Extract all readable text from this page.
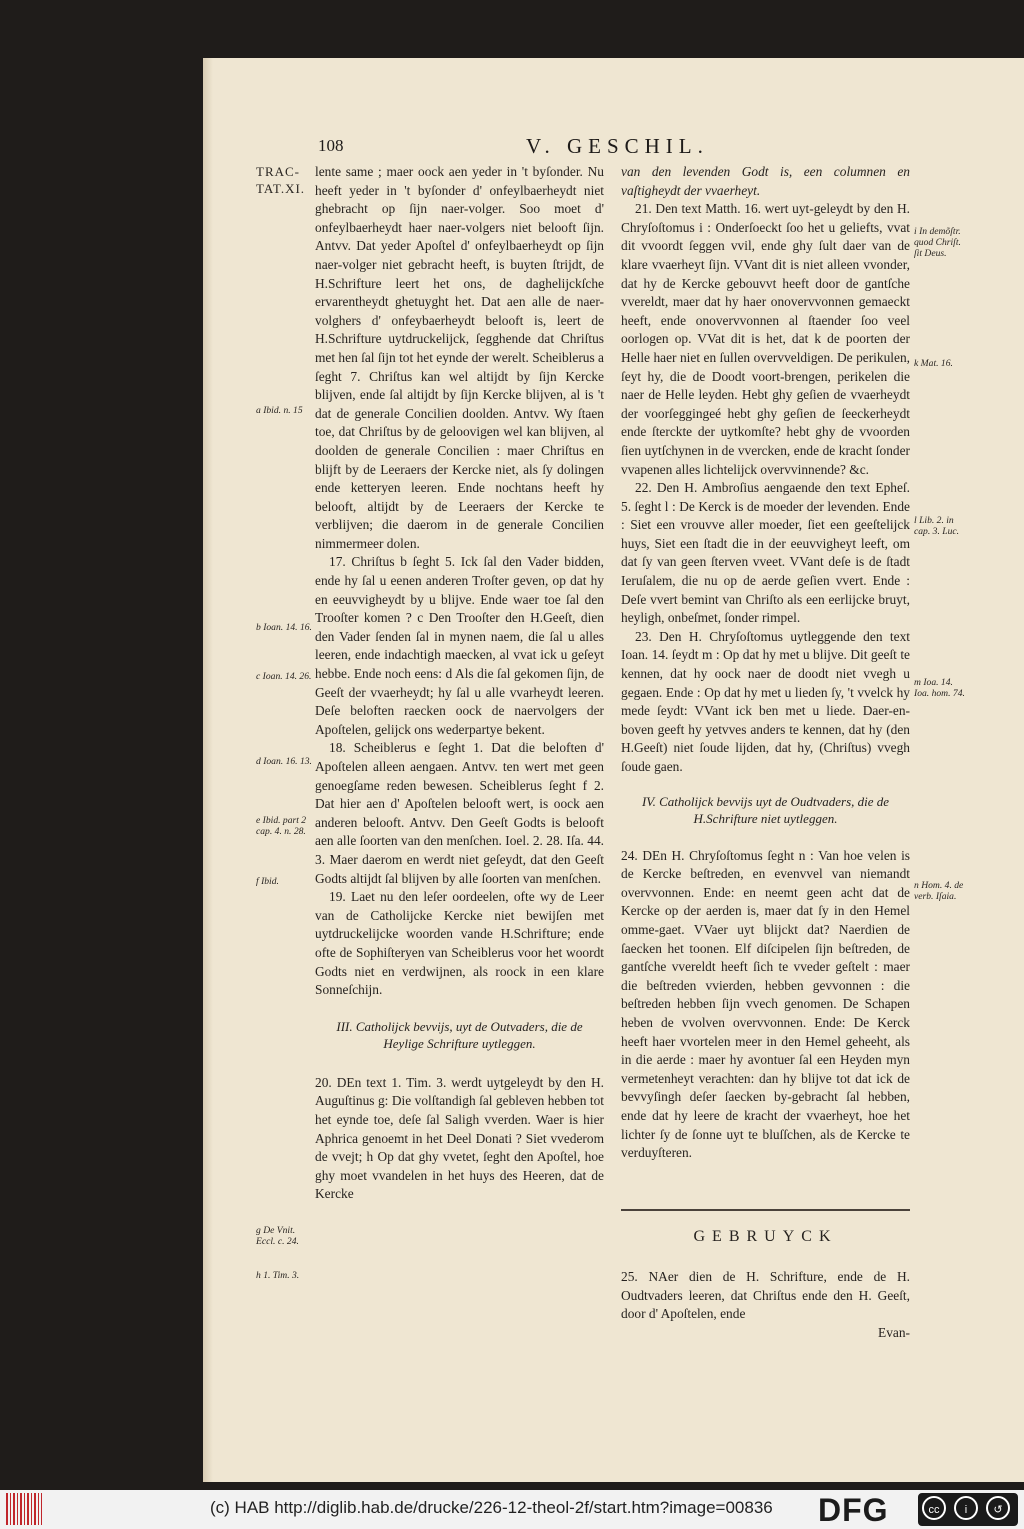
108	V. GESCHIL.
TRAC-
TAT.XI.

lente same ; maer oock aen yeder in 't byſonder. Nu heeft yeder in 't byſonder d' onfeylbaerheydt niet ghebracht op ſijn naer-volger. Soo moet d' onfeylbaerheydt haer naer-volgers niet belooft ſijn. Antvv. Dat yeder Apoſtel d' onfeylbaerheydt op ſijn naer-volger niet gebracht heeft, is buyten ſtrijdt, de H.Schrifture leert het ons, de daghelijckſche ervarentheydt ghetuyght het. Dat aen alle de naer-volghers d' onfeybaerheydt belooft is, leert de H.Schrifture uytdruckelijck, ſegghende dat Chriſtus met hen ſal ſijn tot het eynde der werelt. Scheiblerus a ſeght 7. Chriſtus kan wel altijdt by ſijn Kercke blijven, ende ſal altijdt by ſijn Kercke blijven, al is 't dat de generale Concilien doolden. Antvv. Wy ſtaen toe, dat Chriſtus by de geloovigen wel kan blijven, al doolden de generale Concilien : maer Chriſtus en blijft by de Leeraers der Kercke niet, als ſy dolingen ende ketteryen leeren. Ende nochtans heeft hy belooft, altijdt by de Leeraers der Kercke te verblijven; die daerom in de generale Concilien nimmermeer dolen.

17. Chriſtus b ſeght 5. Ick ſal den Vader bidden, ende hy ſal u eenen anderen Troſter geven, op dat hy en eeuvvigheydt by u blijve. Ende waer toe ſal den Trooſter komen ? c Den Trooſter den H.Geeſt, dien den Vader ſenden ſal in mynen naem, die ſal u alles leeren, ende indachtigh maecken, al vvat ick u geſeyt hebbe. Ende noch eens: d Als die ſal gekomen ſijn, de Geeſt der vvaerheydt; hy ſal u alle vvarheydt leeren. Deſe beloften raecken oock de naervolgers der Apoſtelen, gelijck ons wederpartye bekent.

18. Scheiblerus e ſeght 1. Dat die beloften d' Apoſtelen alleen aengaen. Antvv. ten wert met geen genoegſame reden bewesen. Scheiblerus ſeght f 2. Dat hier aen d' Apoſtelen belooft wert, is oock aen anderen belooft. Antvv. Den Geeſt Godts is belooft aen alle ſoorten van den menſchen. Ioel. 2. 28. Iſa. 44. 3. Maer daerom en werdt niet geſeydt, dat den Geeſt Godts altijdt ſal blijven by alle ſoorten van menſchen.

19. Laet nu den leſer oordeelen, ofte wy de Leer van de Catholijcke Kercke niet bewijſen met uytdruckelijcke woorden vande H.Schrifture; ende ofte de Sophiſteryen van Scheiblerus voor het woordt Godts niet en verdwijnen, als roock in een klare Sonneſchijn.

III. Catholijck bevvijs, uyt de Outvaders, die de Heylige Schrifture uytleggen.

20. DEn text 1. Tim. 3. werdt uytgeleydt by den H. Auguſtinus g: Die volſtandigh ſal gebleven hebben tot het eynde toe, deſe ſal Saligh vverden. Waer is hier Aphrica genoemt in het Deel Donati ? Siet vvederom de vvejt; h Op dat ghy vvetet, ſeght den Apoſtel, hoe ghy moet vvandelen in het huys des Heeren, dat de Kercke

van den levenden Godt is, een columnen en vaſtigheydt der vvaerheyt.

21. Den text Matth. 16. wert uyt-geleydt by den H. Chryſoſtomus i : Onderſoeckt ſoo het u geliefts, vvat dit vvoordt ſeggen vvil, ende ghy ſult daer van de klare vvaerheyt ſijn. VVant dit is niet alleen vvonder, dat hy de Kercke gebouvvt heeft door de gantſche vvereldt, maer dat hy haer onovervvonnen gemaeckt heeft, ende onovervvonnen al ſtaender ſoo veel oorlogen op. VVat dit is het, dat k de poorten der Helle haer niet en ſullen overvveldigen. De perikulen, ſeyt hy, die de Doodt voort-brengen, perikelen die naer de Helle leyden. Hebt ghy geſien de vvaerheydt der voorſeggingeé hebt ghy geſien de ſeeckerheydt ende ſterckte der uytkomſte? hebt ghy de vvoorden ſien uytſchynen in de vvercken, ende de kracht ſonder vvapenen alles lichtelijck overvvinnende? &c.

22. Den H. Ambroſius aengaende den text Epheſ. 5. ſeght l : De Kerck is de moeder der levenden. Ende : Siet een vrouvve aller moeder, ſiet een geeſtelijck huys, Siet een ſtadt die in der eeuvvigheyt leeft, om dat ſy van geen ſterven vveet. VVant deſe is de ſtadt Ieruſalem, die nu op de aerde geſien vvert. Ende : Deſe vvert bemint van Chriſto als een eerlijcke bruyt, heyligh, onbeſmet, ſonder rimpel.

23. Den H. Chryſoſtomus uytleggende den text Ioan. 14. ſeydt m : Op dat hy met u blijve. Dit geeſt te kennen, dat hy oock naer de doodt niet vvegh u gegaen. Ende : Op dat hy met u lieden ſy, 't vvelck hy mede ſeydt: VVant ick ben met u liede. Daer-en-boven geeft hy yetvves anders te kennen, dat hy (den H.Geeſt) niet ſoude lijden, dat hy, (Chriſtus) vvegh ſoude gaen.

IV. Catholijck bevvijs uyt de Oudtvaders, die de H.Schrifture niet uytleggen.

24. DEn H. Chryſoſtomus ſeght n : Van hoe velen is de Kercke beſtreden, en evenvvel van niemandt overvvonnen. Ende: en neemt geen acht dat de Kercke op der aerden is, maer dat ſy in den Hemel omme-gaet. VVaer uyt blijckt dat? Naerdien de ſaecken het toonen. Elf diſcipelen ſijn beſtreden, de gantſche vvereldt heeft ſich te vveder geſtelt : maer die beſtreden vvierden, hebben gevvonnen : die beſtreden hebben ſijn vvech genomen. De Schapen heben de vvolven overvvonnen. Ende: De Kerck heeft haer vvortelen meer in den Hemel geheeht, als in die aerde : maer hy avontuer ſal een Heyden myn vermetenheyt verachten: dan hy blijve tot dat ick de bevvyſingh deſer ſaecken by-gebracht ſal hebben, ende dat hy leere de kracht der vvaerheyt, hoe het lichter ſy de ſonne uyt te bluſſchen, als de Kercke te verduyſteren.

GEBRUYCK

25. NAer dien de H. Schrifture, ende de H. Oudtvaders leeren, dat Chriſtus ende den H. Geeſt, door d' Apoſtelen, ende

Evan-

a Ibid. n. 15
b Ioan. 14. 16.
c Ioan. 14. 26.
d Ioan. 16. 13.
e Ibid. part 2 cap. 4. n. 28.
f Ibid.
g De Vnit. Eccl. c. 24.
h 1. Tim. 3.
i In demõſtr. quod Chriſt. ſit Deus.
k Mat. 16.
l Lib. 2. in cap. 3. Luc.
m Ioa. 14. Ioa. hom. 74.
n Hom. 4. de verb. Iſaia.
(c) HAB http://diglib.hab.de/drucke/226-12-theol-2f/start.htm?image=00836 DFG	cc	i	↺
